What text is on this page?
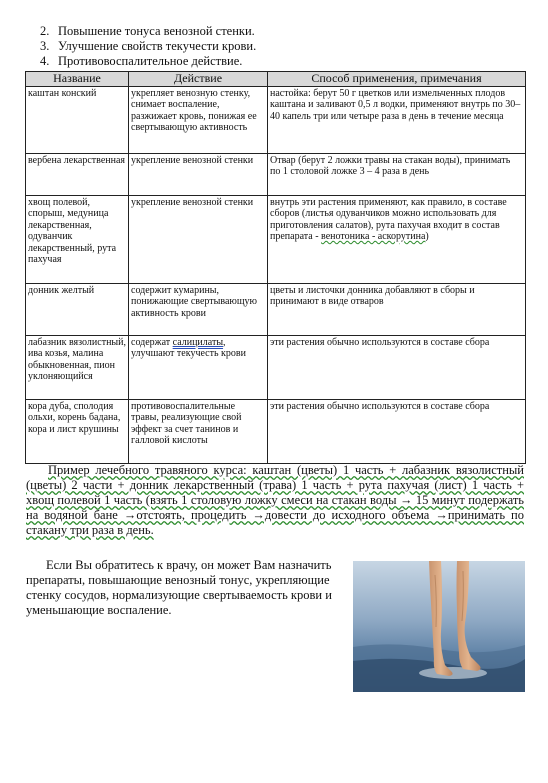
2. Повышение тонуса венозной стенки.
3. Улучшение свойств текучести крови.
4. Противовоспалительное действие.
Название	Действие	Способ применения, примечания
каштан конский	укрепляет венозную стенку, снимает воспаление, разжижает кровь, понижая ее свертывающую активность	настойка: берут 50 г цветков или измельченных плодов каштана и заливают 0,5 л водки, применяют внутрь по 30–40 капель три или четыре раза в день в течение месяца
вербена лекарственная	укрепление венозной стенки	Отвар (берут 2 ложки травы на стакан воды), принимать по 1 столовой ложке 3 – 4 раза в день
хвощ полевой, спорыш, медуница лекарственная, одуванчик лекарственный, рута пахучая	укрепление венозной стенки	внутрь эти растения применяют, как правило, в составе сборов (листья одуванчиков можно использовать для приготовления салатов), рута пахучая входит в состав препарата - венотоника - аскорутина)
донник желтый	содержит кумарины, понижающие свертывающую активность крови	цветы и листочки донника добавляют в сборы и принимают в виде отваров
лабазник вязолистный, ива козья, малина обыкновенная, пион уклоняющийся	содержат салицилаты, улучшают текучесть крови	эти растения обычно используются в составе сбора
кора дуба, сполодия ольхи, корень бадана, кора и лист крушины	противовоспалительные травы, реализующие свой эффект за счет танинов и галловой кислоты	эти растения обычно используются в составе сбора

Пример лечебного травяного курса: каштан (цветы) 1 часть + лабазник вязолистный (цветы) 2 части + донник лекарственный (трава) 1 часть + рута пахучая (лист) 1 часть + хвощ полевой 1 часть (взять 1 столовую ложку смеси на стакан воды → 15 минут подержать на водяной бане →отстоять, процедить →довести до исходного объема →принимать по стакану три раза в день.

Если Вы обратитесь к врачу, он может Вам назначить препараты, повышающие венозный тонус, укрепляющие стенку сосудов, нормализующие свертываемость крови и уменьшающие воспаление.
